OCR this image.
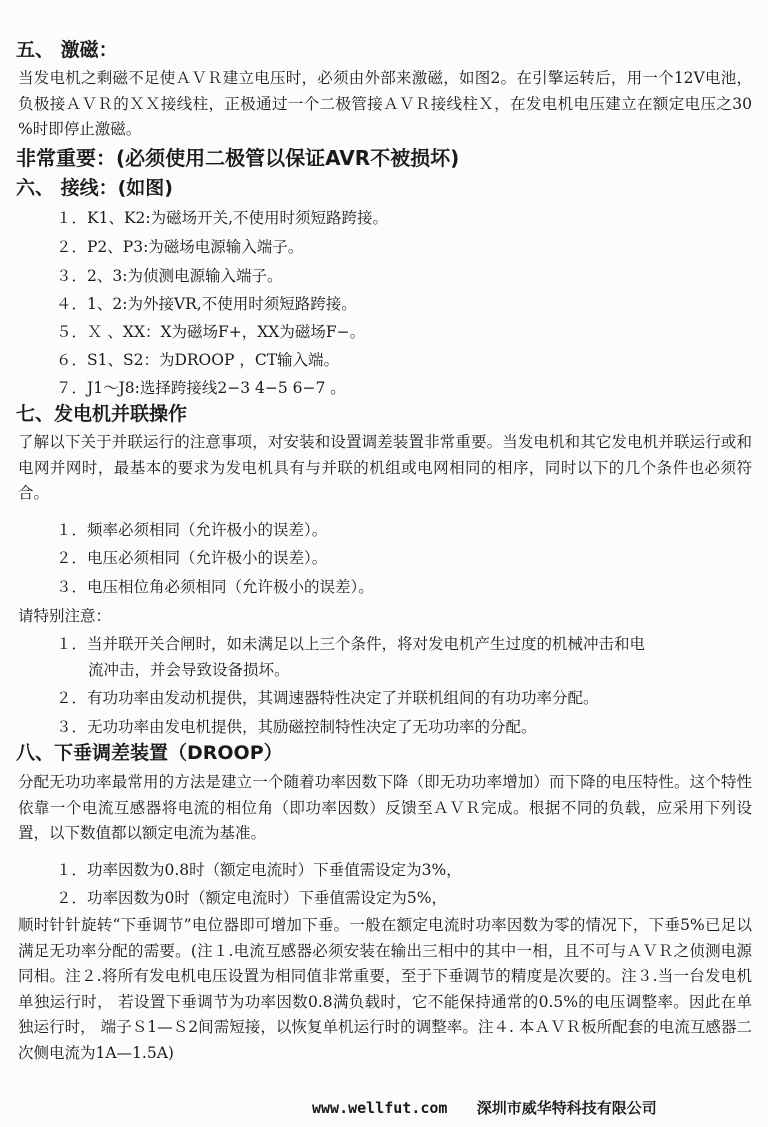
五、 激磁：
当发电机之剩磁不足使ＡＶＲ建立电压时，必须由外部来激磁，如图2。在引擎运转后，用一个12V电池，负极接ＡＶＲ的ＸＸ接线柱，正极通过一个二极管接ＡＶＲ接线柱Ｘ，在发电机电压建立在额定电压之30 %时即停止激磁。
非常重要：(必须使用二极管以保证AVR不被损坏)
六、 接线：(如图)
１．K1、K2:为磁场开关,不使用时须短路跨接。
２．P2、P3:为磁场电源输入端子。
３．2、3:为侦测电源输入端子。
４．1、2:为外接VR,不使用时须短路跨接。
５．Ｘ 、XX：X为磁场F+，XX为磁场F−。
６．S1、S2：为DROOP ，CT输入端。
７．J1～J8:选择跨接线2−3 4−5 6−7 。
七、发电机并联操作
了解以下关于并联运行的注意事项，对安装和设置调差装置非常重要。当发电机和其它发电机并联运行或和电网并网时，最基本的要求为发电机具有与并联的机组或电网相同的相序，同时以下的几个条件也必须符合。
１．频率必须相同（允许极小的误差）。
２．电压必须相同（允许极小的误差）。
３．电压相位角必须相同（允许极小的误差）。
请特别注意：
１．当并联开关合闸时，如未满足以上三个条件，将对发电机产生过度的机械冲击和电
流冲击，并会导致设备损坏。
２．有功功率由发动机提供，其调速器特性决定了并联机组间的有功功率分配。
３．无功功率由发电机提供，其励磁控制特性决定了无功功率的分配。
八、下垂调差装置（DROOP）
分配无功功率最常用的方法是建立一个随着功率因数下降（即无功功率增加）而下降的电压特性。这个特性依靠一个电流互感器将电流的相位角（即功率因数）反馈至ＡＶＲ完成。根据不同的负载，应采用下列设置，以下数值都以额定电流为基准。
１．功率因数为0.8时（额定电流时）下垂值需设定为3%，
２．功率因数为0时（额定电流时）下垂值需设定为5%，
顺时针针旋转“下垂调节”电位器即可增加下垂。一般在额定电流时功率因数为零的情况下，下垂5%已足以满足无功率分配的需要。(注１.电流互感器必须安装在输出三相中的其中一相，且不可与ＡＶＲ之侦测电源同相。注２.将所有发电机电压设置为相同值非常重要，至于下垂调节的精度是次要的。注３.当一台发电机单独运行时， 若设置下垂调节为功率因数0.8满负载时，它不能保持通常的0.5%的电压调整率。因此在单独运行时， 端子Ｓ1—Ｓ2间需短接，以恢复单机运行时的调整率。注４. 本ＡＶＲ板所配套的电流互感器二次侧电流为1A—1.5A)
www.wellfut.com 深圳市威华特科技有限公司
